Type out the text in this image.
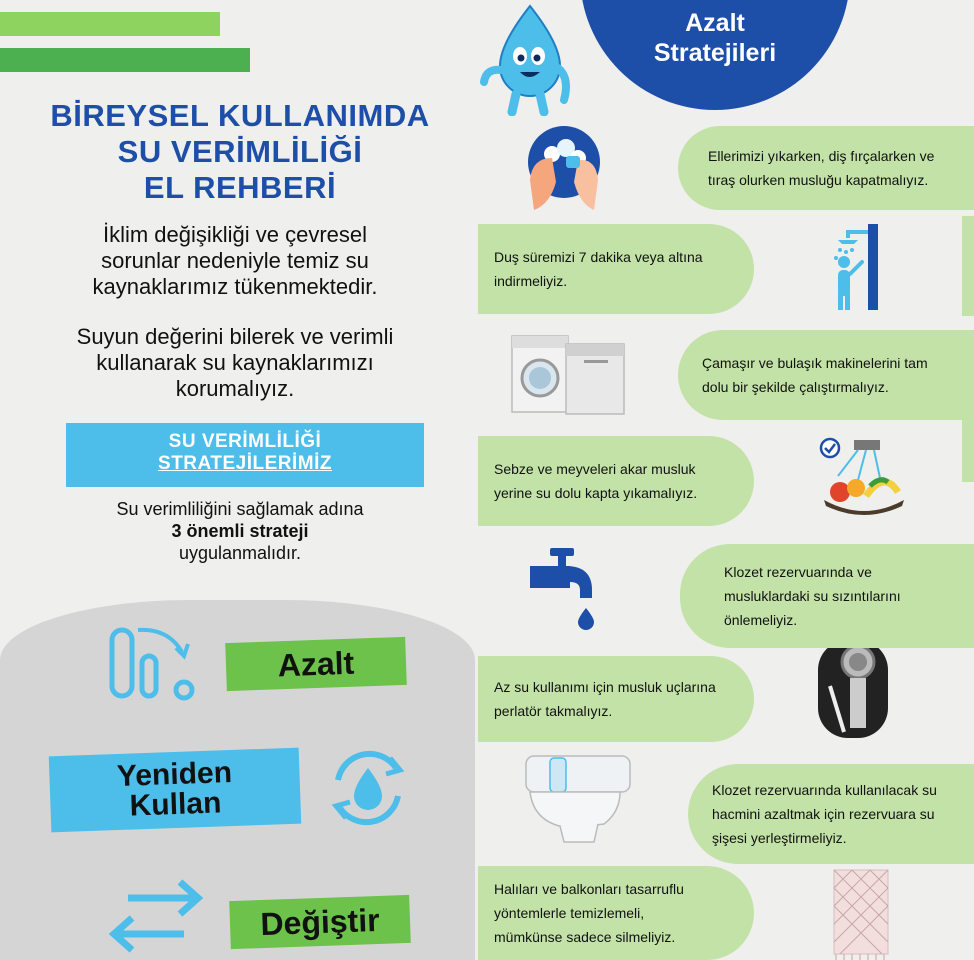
BİREYSEL KULLANIMDA
SU VERİMLİLİĞİ
EL REHBERİ
İklim değişikliği ve çevresel
sorunlar nedeniyle temiz su
kaynaklarımız tükenmektedir.
Suyun değerini bilerek ve verimli
kullanarak su kaynaklarımızı
korumalıyız.
SU VERİMLİLİĞİ
STRATEJİLERİMİZ
Su verimliliğini sağlamak adına
3 önemli strateji
uygulanmalıdır.
Azalt
Yeniden
Kullan
Değiştir
Azalt
Stratejileri
Ellerimizi yıkarken, diş fırçalarken ve
tıraş olurken musluğu kapatmalıyız.
Duş süremizi 7 dakika veya altına
indirmeliyiz.
Çamaşır ve bulaşık makinelerini tam
dolu bir şekilde çalıştırmalıyız.
Sebze ve meyveleri akar musluk
yerine su dolu kapta yıkamalıyız.
Klozet rezervuarında ve
musluklardaki su sızıntılarını
önlemeliyiz.
Az su kullanımı için musluk uçlarına
perlatör takmalıyız.
Klozet rezervuarında kullanılacak su
hacmini azaltmak için rezervuara su
şişesi yerleştirmeliyiz.
Halıları ve balkonları tasarruflu
yöntemlerle temizlemeli,
mümkünse sadece silmeliyiz.
